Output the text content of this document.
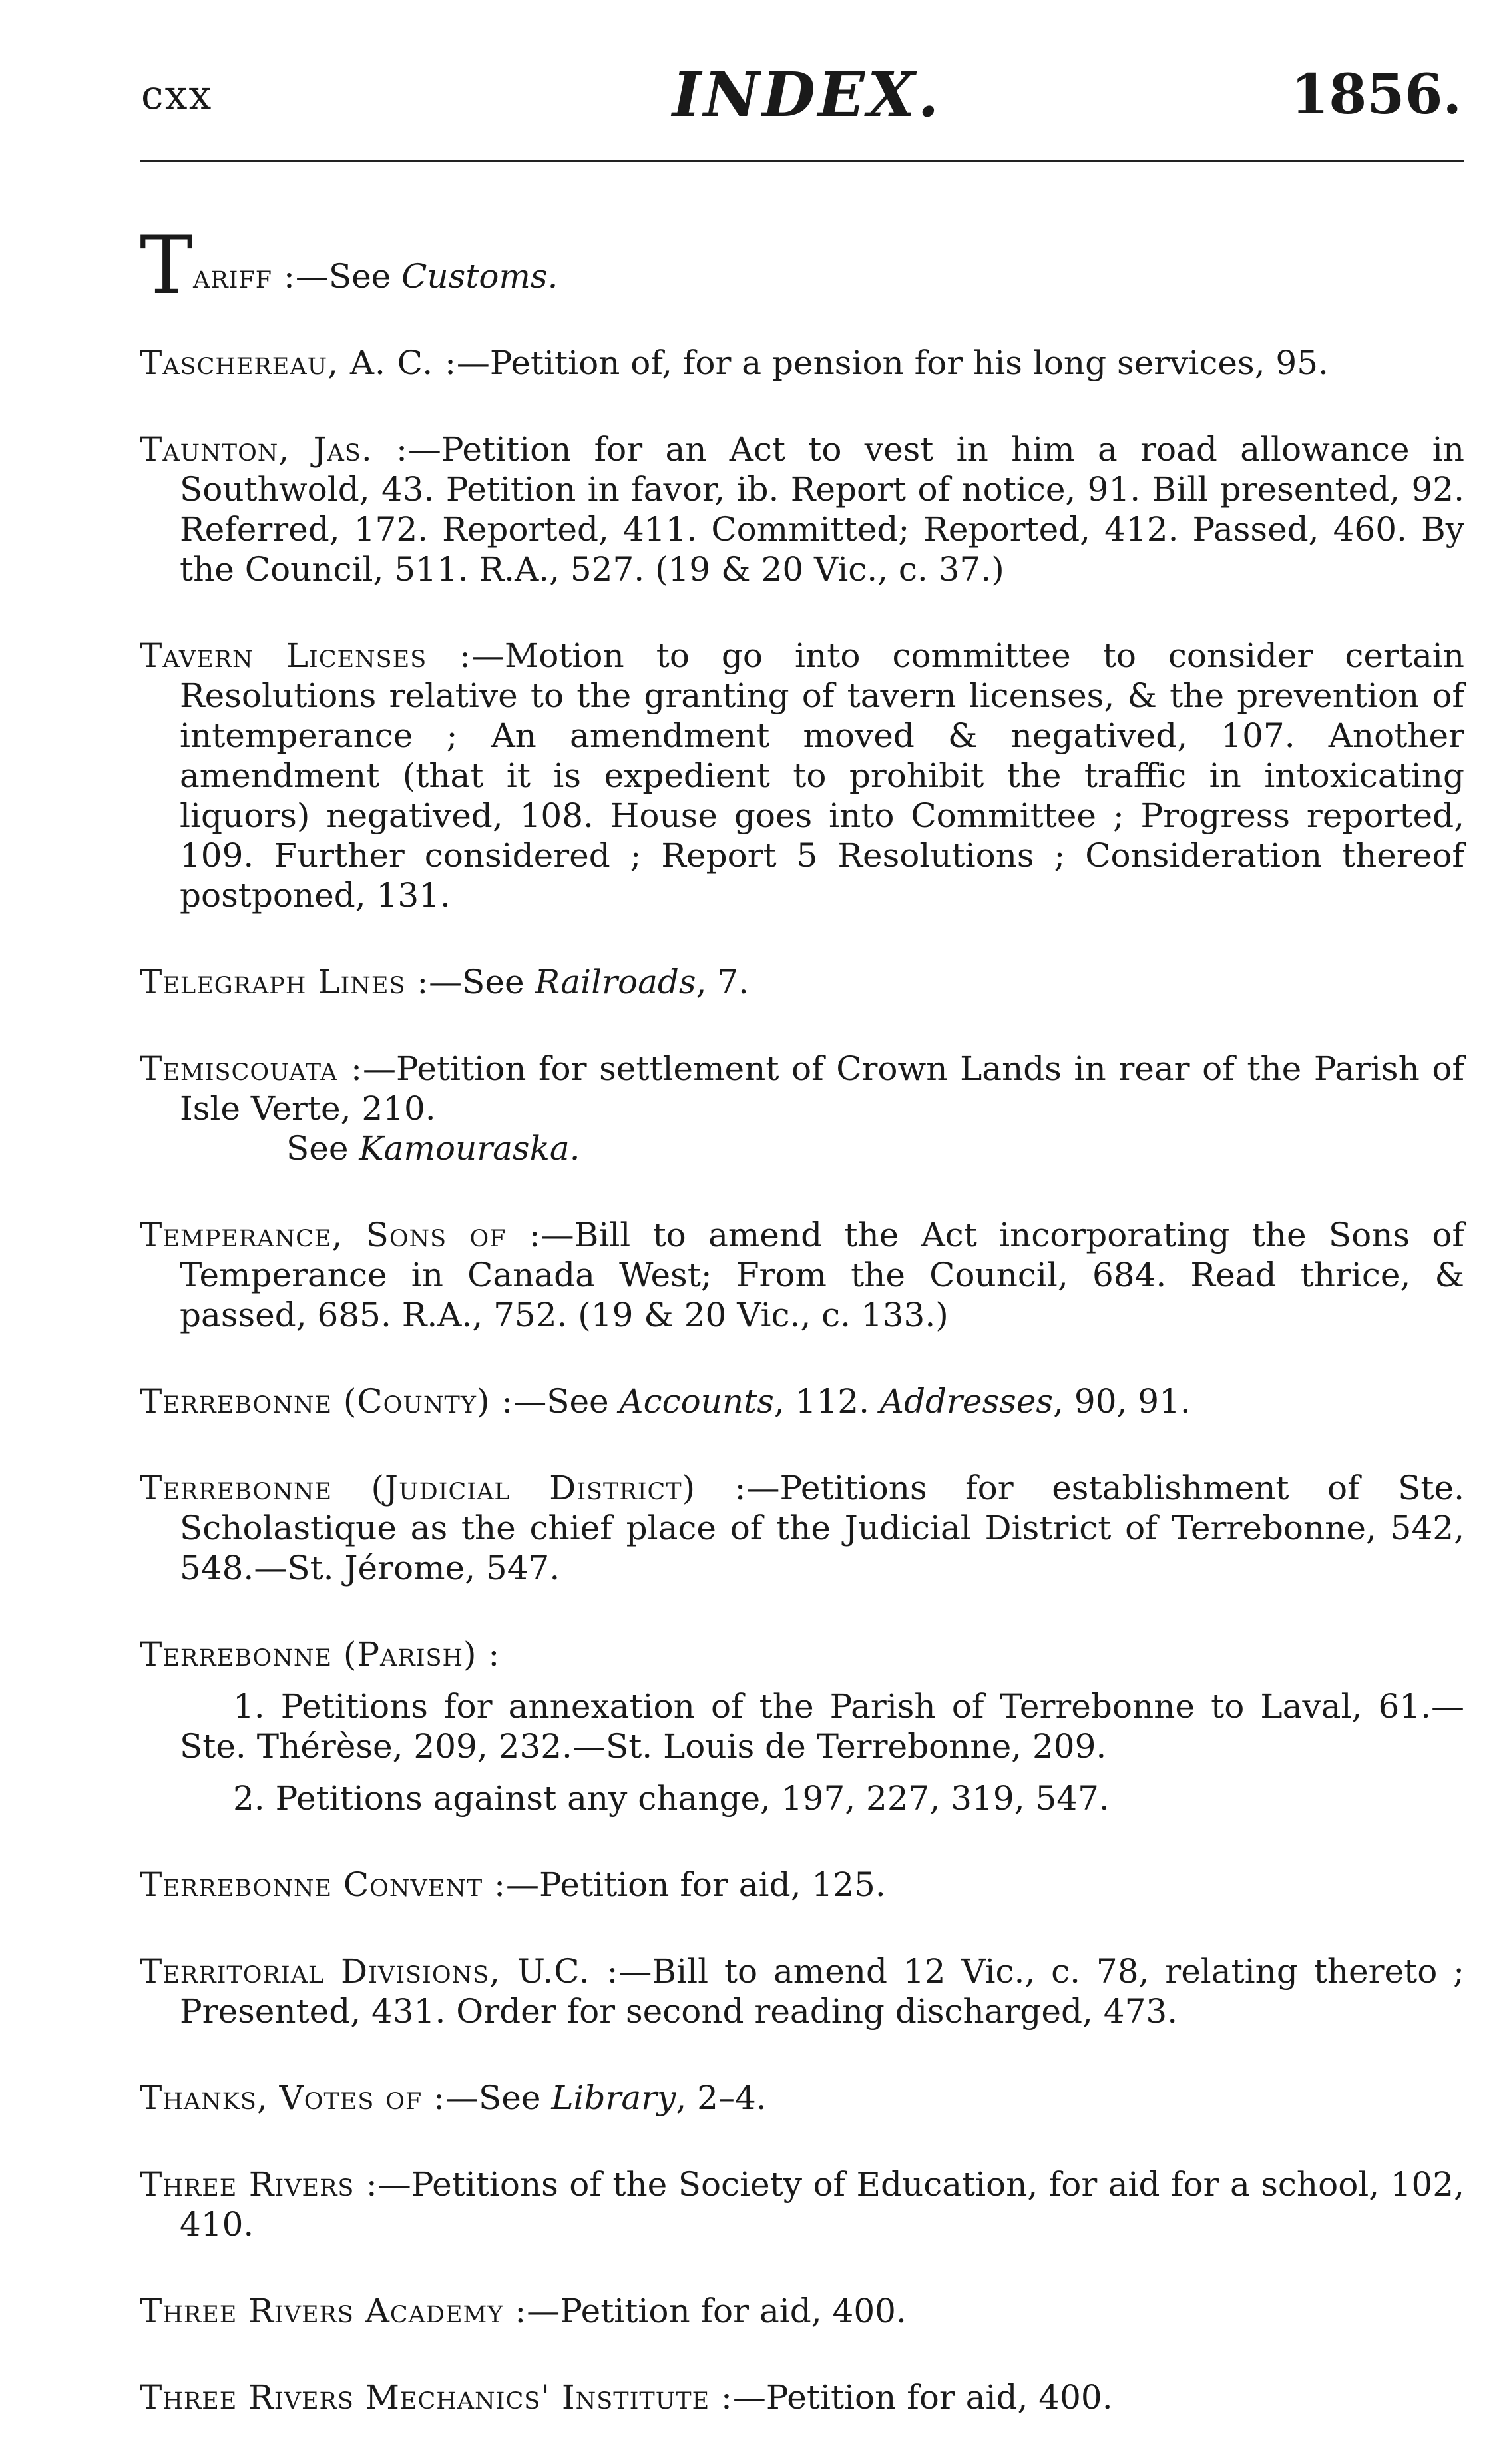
cxx	INDEX.	1856.
Tariff :—See Customs.
Taschereau, A. C. :—Petition of, for a pension for his long services, 95.
Taunton, Jas. :—Petition for an Act to vest in him a road allowance in Southwold, 43. Petition in favor, ib. Report of notice, 91. Bill presented, 92. Referred, 172. Reported, 411. Committed; Reported, 412. Passed, 460. By the Council, 511. R.A., 527. (19 & 20 Vic., c. 37.)
Tavern Licenses :—Motion to go into committee to consider certain Resolutions relative to the granting of tavern licenses, & the prevention of intemperance ; An amendment moved & negatived, 107. Another amendment (that it is expedient to prohibit the traffic in intoxicating liquors) negatived, 108. House goes into Committee ; Progress reported, 109. Further considered ; Report 5 Resolutions ; Consideration thereof postponed, 131.
Telegraph Lines :—See Railroads, 7.
Temiscouata :—Petition for settlement of Crown Lands in rear of the Parish of Isle Verte, 210.
See Kamouraska.
Temperance, Sons of :—Bill to amend the Act incorporating the Sons of Temperance in Canada West; From the Council, 684. Read thrice, & passed, 685. R.A., 752. (19 & 20 Vic., c. 133.)
Terrebonne (County) :—See Accounts, 112. Addresses, 90, 91.
Terrebonne (Judicial District) :—Petitions for establishment of Ste. Scholastique as the chief place of the Judicial District of Terrebonne, 542, 548.—St. Jérome, 547.
Terrebonne (Parish) :
1. Petitions for annexation of the Parish of Terrebonne to Laval, 61.—Ste. Thérèse, 209, 232.—St. Louis de Terrebonne, 209.
2. Petitions against any change, 197, 227, 319, 547.
Terrebonne Convent :—Petition for aid, 125.
Territorial Divisions, U.C. :—Bill to amend 12 Vic., c. 78, relating thereto ; Presented, 431. Order for second reading discharged, 473.
Thanks, Votes of :—See Library, 2–4.
Three Rivers :—Petitions of the Society of Education, for aid for a school, 102, 410.
Three Rivers Academy :—Petition for aid, 400.
Three Rivers Mechanics' Institute :—Petition for aid, 400.
